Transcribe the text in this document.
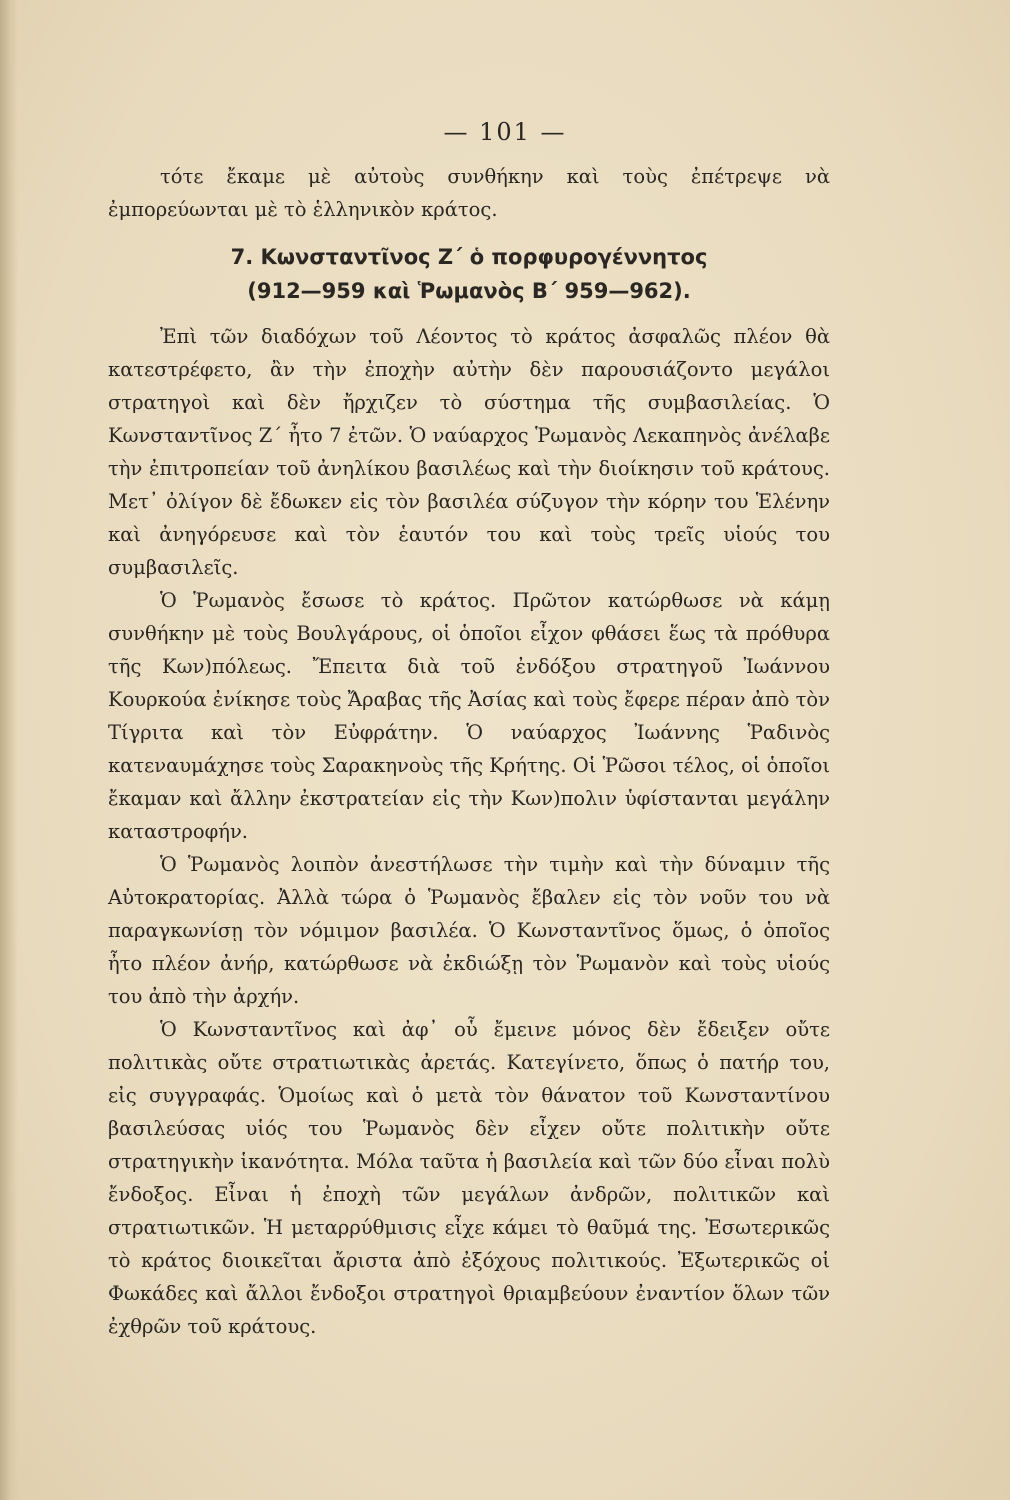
— 101 —

τότε ἔκαμε μὲ αὐτοὺς συνθήκην καὶ τοὺς ἐπέτρεψε νὰ ἐμπορεύωνται μὲ τὸ ἑλληνικὸν κράτος.

7. Κωνσταντῖνος Ζ΄ ὁ πορφυρογέννητος
(912—959 καὶ Ῥωμανὸς Β΄ 959—962).

Ἐπὶ τῶν διαδόχων τοῦ Λέοντος τὸ κράτος ἀσφαλῶς πλέον θὰ κατεστρέφετο, ἂν τὴν ἐποχὴν αὐτὴν δὲν παρουσιάζοντο μεγάλοι στρατηγοὶ καὶ δὲν ἤρχιζεν τὸ σύστημα τῆς συμβασιλείας. Ὁ Κωνσταντῖνος Ζ΄ ἦτο 7 ἐτῶν. Ὁ ναύαρχος Ῥωμανὸς Λεκαπηνὸς ἀνέλαβε τὴν ἐπιτροπείαν τοῦ ἀνηλίκου βασιλέως καὶ τὴν διοίκησιν τοῦ κράτους. Μετ᾽ ὀλίγον δὲ ἔδωκεν εἰς τὸν βασιλέα σύζυγον τὴν κόρην του Ἑλένην καὶ ἀνηγόρευσε καὶ τὸν ἑαυτόν του καὶ τοὺς τρεῖς υἱούς του συμβασιλεῖς.

Ὁ Ῥωμανὸς ἔσωσε τὸ κράτος. Πρῶτον κατώρθωσε νὰ κάμῃ συνθήκην μὲ τοὺς Βουλγάρους, οἱ ὁποῖοι εἶχον φθάσει ἕως τὰ πρόθυρα τῆς Κων)πόλεως. Ἔπειτα διὰ τοῦ ἐνδόξου στρατηγοῦ Ἰωάννου Κουρκούα ἐνίκησε τοὺς Ἄραβας τῆς Ἀσίας καὶ τοὺς ἔφερε πέραν ἀπὸ τὸν Τίγριτα καὶ τὸν Εὐφράτην. Ὁ ναύαρχος Ἰωάννης Ῥαδινὸς κατεναυμάχησε τοὺς Σαρακηνοὺς τῆς Κρήτης. Οἱ Ῥῶσοι τέλος, οἱ ὁποῖοι ἔκαμαν καὶ ἄλλην ἐκστρατείαν εἰς τὴν Κων)πολιν ὑφίστανται μεγάλην καταστροφήν.

Ὁ Ῥωμανὸς λοιπὸν ἀνεστήλωσε τὴν τιμὴν καὶ τὴν δύναμιν τῆς Αὐτοκρατορίας. Ἀλλὰ τώρα ὁ Ῥωμανὸς ἔβαλεν εἰς τὸν νοῦν του νὰ παραγκωνίσῃ τὸν νόμιμον βασιλέα. Ὁ Κωνσταντῖνος ὅμως, ὁ ὁποῖος ἦτο πλέον ἀνήρ, κατώρθωσε νὰ ἐκδιώξῃ τὸν Ῥωμανὸν καὶ τοὺς υἱούς του ἀπὸ τὴν ἀρχήν.

Ὁ Κωνσταντῖνος καὶ ἀφ᾽ οὗ ἔμεινε μόνος δὲν ἔδειξεν οὔτε πολιτικὰς οὔτε στρατιωτικὰς ἀρετάς. Κατεγίνετο, ὅπως ὁ πατήρ του, εἰς συγγραφάς. Ὁμοίως καὶ ὁ μετὰ τὸν θάνατον τοῦ Κωνσταντίνου βασιλεύσας υἱός του Ῥωμανὸς δὲν εἶχεν οὔτε πολιτικὴν οὔτε στρατηγικὴν ἱκανότητα. Μόλα ταῦτα ἡ βασιλεία καὶ τῶν δύο εἶναι πολὺ ἔνδοξος. Εἶναι ἡ ἐποχὴ τῶν μεγάλων ἀνδρῶν, πολιτικῶν καὶ στρατιωτικῶν. Ἡ μεταρρύθμισις εἶχε κάμει τὸ θαῦμά της. Ἐσωτερικῶς τὸ κράτος διοικεῖται ἄριστα ἀπὸ ἐξόχους πολιτικούς. Ἐξωτερικῶς οἱ Φωκάδες καὶ ἄλλοι ἔνδοξοι στρατηγοὶ θριαμβεύουν ἐναντίον ὅλων τῶν ἐχθρῶν τοῦ κράτους.
